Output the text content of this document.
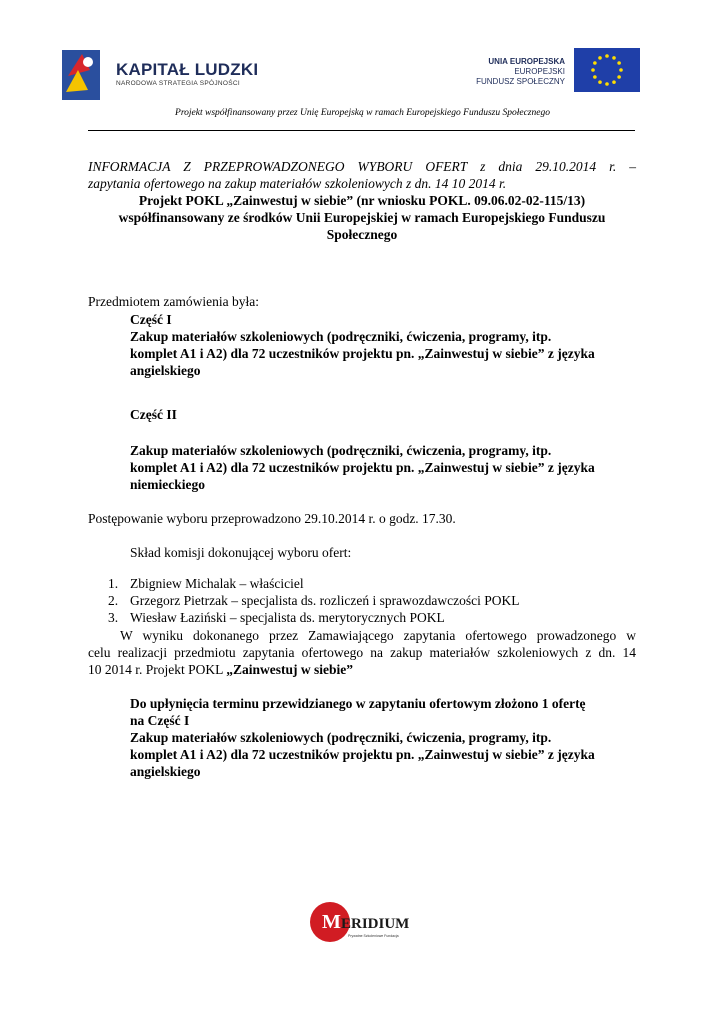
KAPITAŁ LUDZKI
NARODOWA STRATEGIA SPÓJNOŚCI
UNIA EUROPEJSKA
EUROPEJSKI
FUNDUSZ SPOŁECZNY
Projekt współfinansowany przez Unię Europejską w ramach Europejskiego Funduszu Społecznego
INFORMACJA Z PRZEPROWADZONEGO WYBORU OFERT z dnia 29.10.2014 r. –
zapytania ofertowego na zakup materiałów szkoleniowych z dn. 14 10 2014 r.
Projekt POKL „Zainwestuj w siebie” (nr wniosku POKL. 09.06.02-02-115/13)
współfinansowany ze środków Unii Europejskiej w ramach Europejskiego Funduszu
Społecznego
Przedmiotem zamówienia była:
Część I
Zakup materiałów szkoleniowych (podręczniki, ćwiczenia, programy, itp.
komplet A1 i A2) dla 72 uczestników projektu pn. „Zainwestuj w siebie” z języka
angielskiego
Część II
Zakup materiałów szkoleniowych (podręczniki, ćwiczenia, programy, itp.
komplet A1 i A2) dla 72 uczestników projektu pn. „Zainwestuj w siebie” z języka
niemieckiego
Postępowanie wyboru przeprowadzono 29.10.2014 r. o godz. 17.30.
Skład komisji dokonującej wyboru ofert:
1. Zbigniew Michalak – właściciel
2. Grzegorz Pietrzak – specjalista ds. rozliczeń i sprawozdawczości POKL
3. Wiesław Łaziński – specjalista ds. merytorycznych POKL
W wyniku dokonanego przez Zamawiającego zapytania ofertowego prowadzonego w
celu realizacji przedmiotu zapytania ofertowego na zakup materiałów szkoleniowych z dn. 14
10 2014 r. Projekt POKL „Zainwestuj w siebie”
Do upłynięcia terminu przewidzianego w zapytaniu ofertowym złożono 1 ofertę
na Część I
Zakup materiałów szkoleniowych (podręczniki, ćwiczenia, programy, itp.
komplet A1 i A2) dla 72 uczestników projektu pn. „Zainwestuj w siebie” z języka
angielskiego
M ERIDIUM
Prywatne Szkoleniowe Fundacja
